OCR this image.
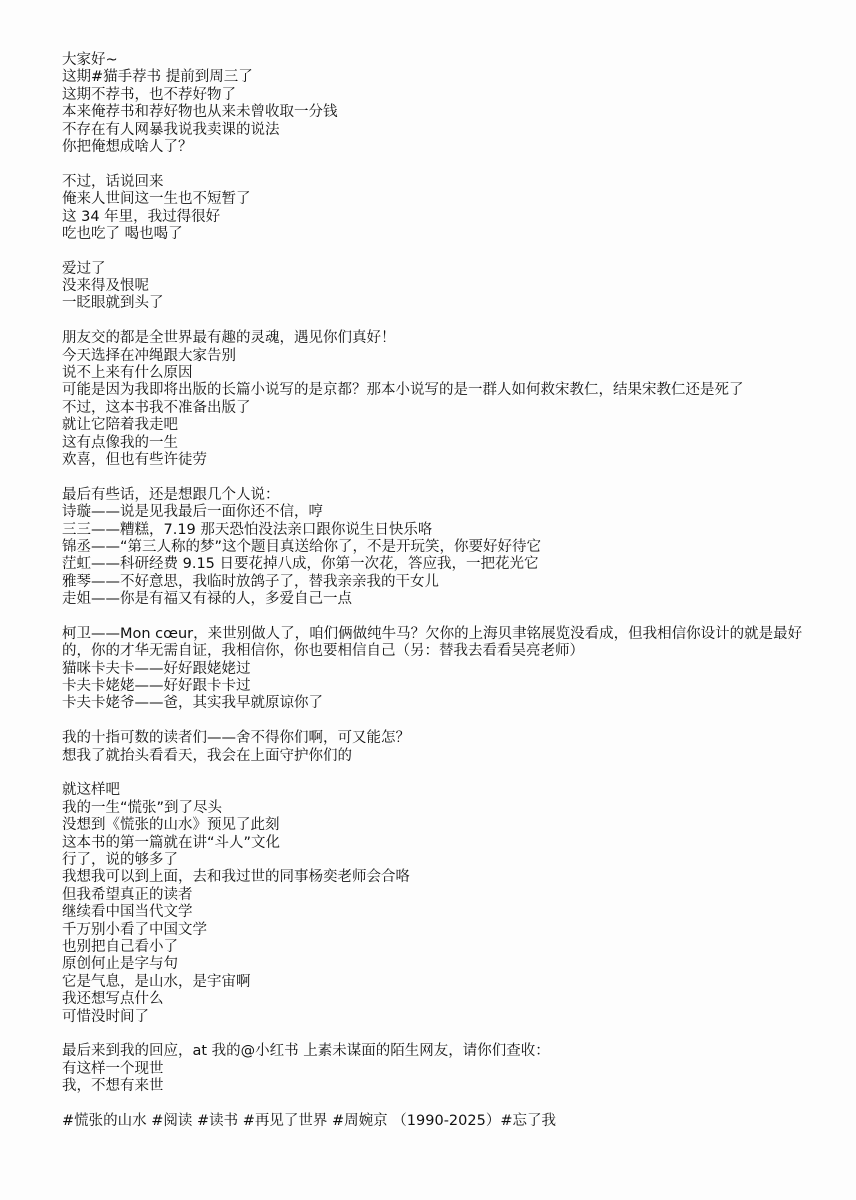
大家好~
这期#猫手荐书 提前到周三了
这期不荐书，也不荐好物了
本来俺荐书和荐好物也从来未曾收取一分钱
不存在有人网暴我说我卖课的说法
你把俺想成啥人了？
不过，话说回来
俺来人世间这一生也不短暂了
这 34 年里，我过得很好
吃也吃了 喝也喝了
爱过了
没来得及恨呢
一眨眼就到头了
朋友交的都是全世界最有趣的灵魂，遇见你们真好！
今天选择在冲绳跟大家告别
说不上来有什么原因
可能是因为我即将出版的长篇小说写的是京都？那本小说写的是一群人如何救宋教仁，结果宋教仁还是死了
不过，这本书我不准备出版了
就让它陪着我走吧
这有点像我的一生
欢喜，但也有些许徒劳
最后有些话，还是想跟几个人说：
诗璇——说是见我最后一面你还不信，哼
三三——糟糕，7.19 那天恐怕没法亲口跟你说生日快乐咯
锦丞——“第三人称的梦”这个题目真送给你了，不是开玩笑，你要好好待它
茳虹——科研经费 9.15 日要花掉八成，你第一次花，答应我，一把花光它
雅琴——不好意思，我临时放鸽子了，替我亲亲我的干女儿
走姐——你是有福又有禄的人，多爱自己一点
柯卫——Mon cœur，来世别做人了，咱们俩做纯牛马？欠你的上海贝聿铭展览没看成，但我相信你设计的就是最好的，你的才华无需自证，我相信你，你也要相信自己（另：替我去看看吴亮老师）
猫咪卡夫卡——好好跟姥姥过
卡夫卡姥姥——好好跟卡卡过
卡夫卡姥爷——爸，其实我早就原谅你了
我的十指可数的读者们——舍不得你们啊，可又能怎？
想我了就抬头看看天，我会在上面守护你们的
就这样吧
我的一生“慌张”到了尽头
没想到《慌张的山水》预见了此刻
这本书的第一篇就在讲“斗人”文化
行了，说的够多了
我想我可以到上面，去和我过世的同事杨奕老师会合咯
但我希望真正的读者
继续看中国当代文学
千万别小看了中国文学
也别把自己看小了
原创何止是字与句
它是气息，是山水，是宇宙啊
我还想写点什么
可惜没时间了
最后来到我的回应，at 我的@小红书 上素未谋面的陌生网友，请你们查收：
有这样一个现世
我，不想有来世
#慌张的山水 #阅读 #读书 #再见了世界 #周婉京 （1990-2025）#忘了我
